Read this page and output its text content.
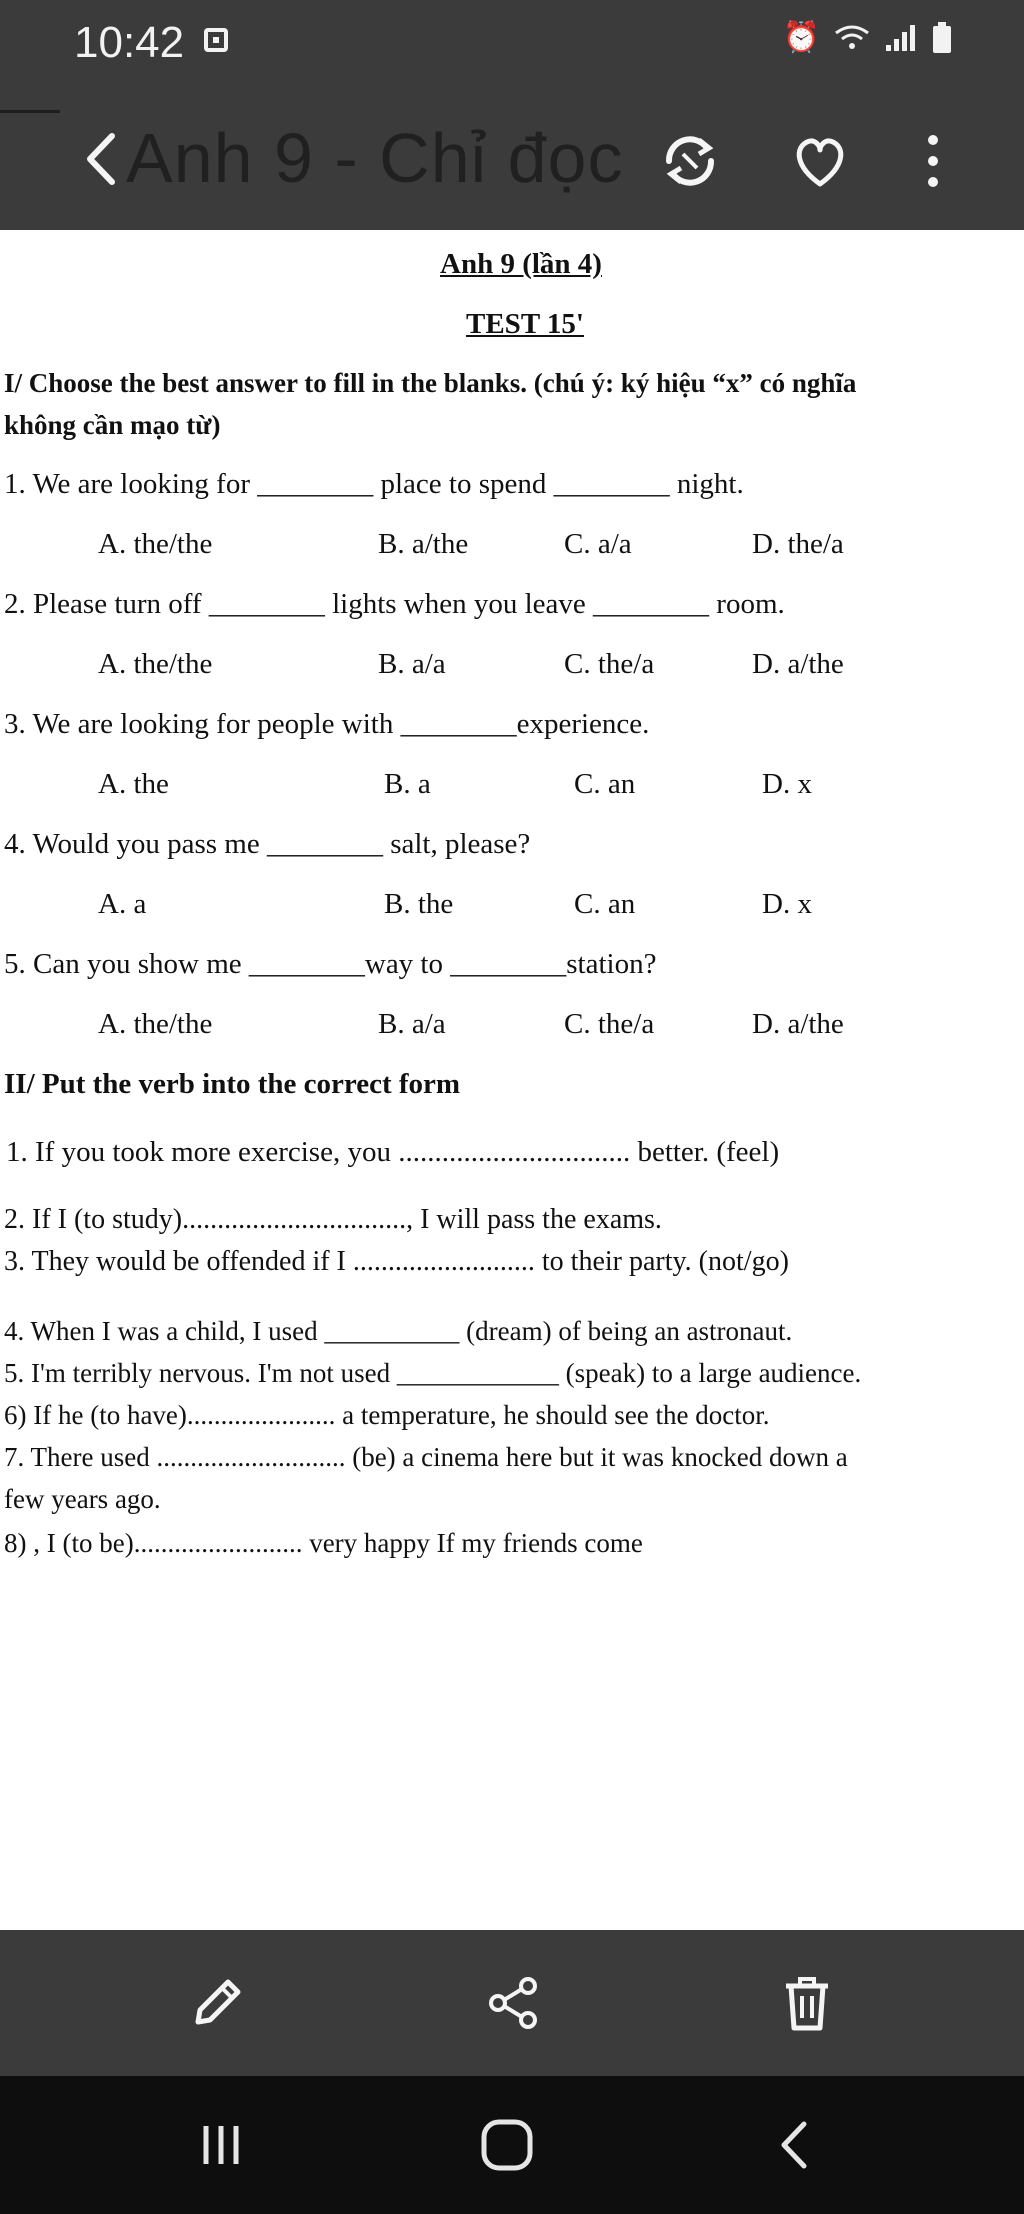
10:42	⏰
Anh 9 - Chỉ đọc
Anh 9 (lần 4)
TEST 15'
I/ Choose the best answer to fill in the blanks. (chú ý: ký hiệu “x” có nghĩa
không cần mạo từ)
1. We are looking for ________ place to spend ________ night.
A. the/the	B. a/the	C. a/a	D. the/a
2. Please turn off ________ lights when you leave ________ room.
A. the/the	B. a/a	C. the/a	D. a/the
3. We are looking for people with ________experience.
A. the	B. a	C. an	D. x
4. Would you pass me ________ salt, please?
A. a	B. the	C. an	D. x
5. Can you show me ________way to ________station?
A. the/the	B. a/a	C. the/a	D. a/the
II/ Put the verb into the correct form
1. If you took more exercise, you ................................ better. (feel)
2. If I (to study)................................, I will pass the exams.
3. They would be offended if I .......................... to their party. (not/go)
4. When I was a child, I used __________ (dream) of being an astronaut.
5. I'm terribly nervous. I'm not used ____________ (speak) to a large audience.
6) If he (to have)...................... a temperature, he should see the doctor.
7. There used ............................ (be) a cinema here but it was knocked down a
few years ago.
8) , I (to be)......................... very happy If my friends come
